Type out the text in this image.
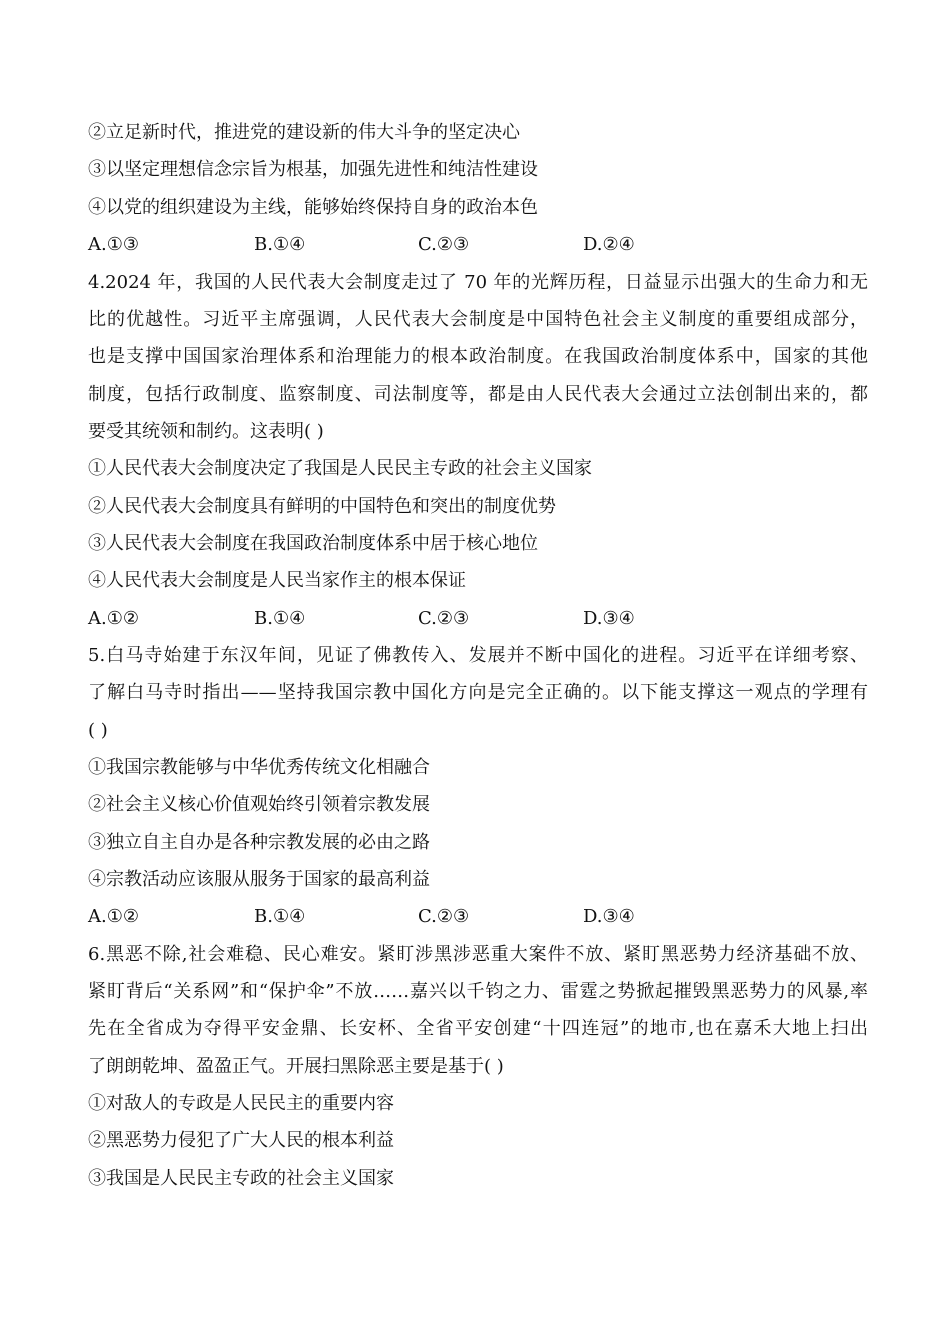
②立足新时代，推进党的建设新的伟大斗争的坚定决心
③以坚定理想信念宗旨为根基，加强先进性和纯洁性建设
④以党的组织建设为主线，能够始终保持自身的政治本色
A.①③	B.①④	C.②③	D.②④
4.2024 年，我国的人民代表大会制度走过了 70 年的光辉历程，日益显示出强大的生命力和无
比的优越性。习近平主席强调，人民代表大会制度是中国特色社会主义制度的重要组成部分，
也是支撑中国国家治理体系和治理能力的根本政治制度。在我国政治制度体系中，国家的其他
制度，包括行政制度、监察制度、司法制度等，都是由人民代表大会通过立法创制出来的，都
要受其统领和制约。这表明( )
①人民代表大会制度决定了我国是人民民主专政的社会主义国家
②人民代表大会制度具有鲜明的中国特色和突出的制度优势
③人民代表大会制度在我国政治制度体系中居于核心地位
④人民代表大会制度是人民当家作主的根本保证
A.①②	B.①④	C.②③	D.③④
5.白马寺始建于东汉年间，见证了佛教传入、发展并不断中国化的进程。习近平在详细考察、
了解白马寺时指出——坚持我国宗教中国化方向是完全正确的。以下能支撑这一观点的学理有
( )
①我国宗教能够与中华优秀传统文化相融合
②社会主义核心价值观始终引领着宗教发展
③独立自主自办是各种宗教发展的必由之路
④宗教活动应该服从服务于国家的最高利益
A.①②	B.①④	C.②③	D.③④
6.黑恶不除,社会难稳、民心难安。紧盯涉黑涉恶重大案件不放、紧盯黑恶势力经济基础不放、
紧盯背后“关系网”和“保护伞”不放……嘉兴以千钧之力、雷霆之势掀起摧毁黑恶势力的风暴,率
先在全省成为夺得平安金鼎、长安杯、全省平安创建“十四连冠”的地市,也在嘉禾大地上扫出
了朗朗乾坤、盈盈正气。开展扫黑除恶主要是基于( )
①对敌人的专政是人民民主的重要内容
②黑恶势力侵犯了广大人民的根本利益
③我国是人民民主专政的社会主义国家
